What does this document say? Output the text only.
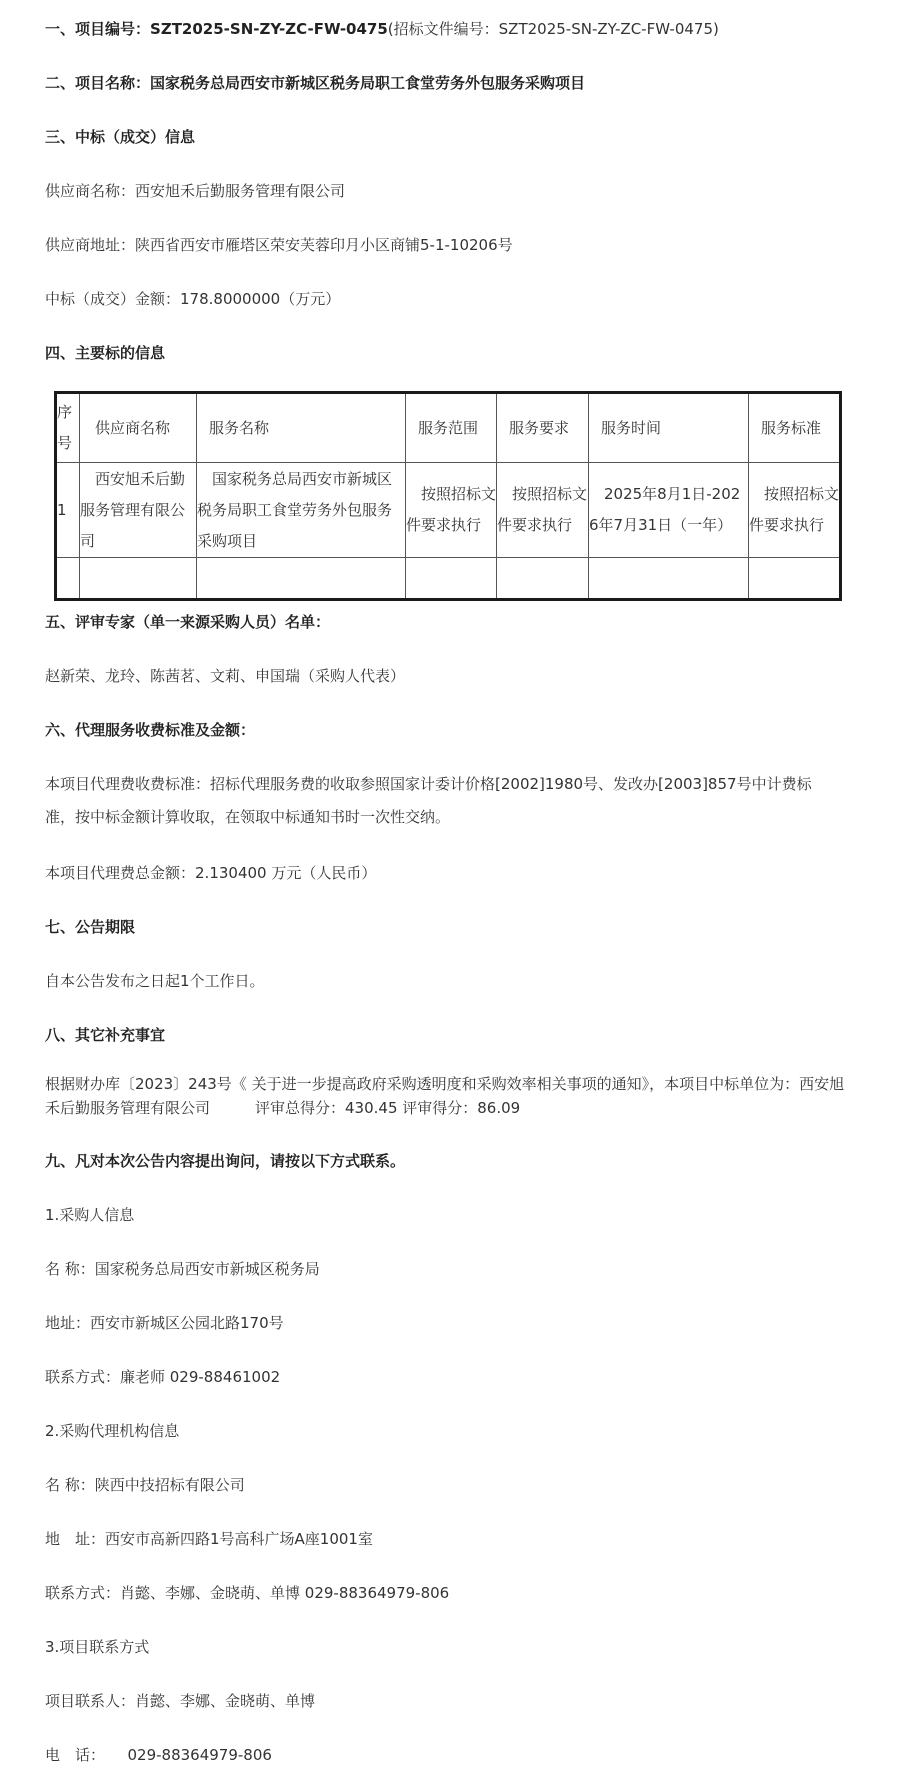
一、项目编号：SZT2025-SN-ZY-ZC-FW-0475(招标文件编号：SZT2025-SN-ZY-ZC-FW-0475)
二、项目名称：国家税务总局西安市新城区税务局职工食堂劳务外包服务采购项目
三、中标（成交）信息
供应商名称：西安旭禾后勤服务管理有限公司
供应商地址：陕西省西安市雁塔区荣安芙蓉印月小区商铺5-1-10206号
中标（成交）金额：178.8000000（万元）
四、主要标的信息
序号	供应商名称	服务名称	服务范围	服务要求	服务时间	服务标准
1	西安旭禾后勤服务管理有限公司	国家税务总局西安市新城区税务局职工食堂劳务外包服务采购项目	按照招标文件要求执行	按照招标文件要求执行	2025年8月1日-2026年7月31日（一年）	按照招标文件要求执行

五、评审专家（单一来源采购人员）名单：
赵新荣、龙玲、陈茜茗、文莉、申国瑞（采购人代表）
六、代理服务收费标准及金额：
本项目代理费收费标准：招标代理服务费的收取参照国家计委计价格[2002]1980号、发改办[2003]857号中计费标准，按中标金额计算收取，在领取中标通知书时一次性交纳。
本项目代理费总金额：2.130400 万元（人民币）
七、公告期限
自本公告发布之日起1个工作日。
八、其它补充事宜
根据财办库〔2023〕243号《 关于进一步提高政府采购透明度和采购效率相关事项的通知》，本项目中标单位为：西安旭禾后勤服务管理有限公司　　　评审总得分：430.45 评审得分：86.09
九、凡对本次公告内容提出询问，请按以下方式联系。
1.采购人信息
名 称：国家税务总局西安市新城区税务局
地址：西安市新城区公园北路170号
联系方式：廉老师 029-88461002
2.采购代理机构信息
名 称：陕西中技招标有限公司
地　址：西安市高新四路1号高科广场A座1001室
联系方式：肖懿、李娜、金晓萌、单博 029-88364979-806
3.项目联系方式
项目联系人：肖懿、李娜、金晓萌、单博
电　话：　　029-88364979-806
